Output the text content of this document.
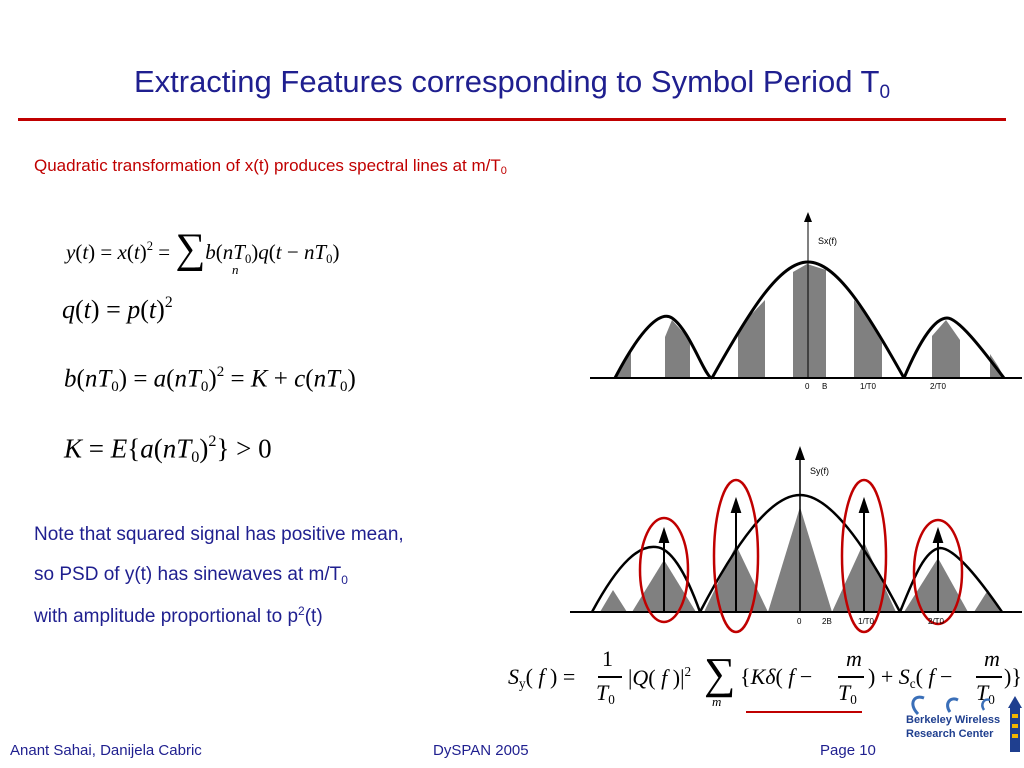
Extracting Features corresponding to Symbol Period $T_0$
Quadratic transformation of x(t) produces spectral lines at $m/T_0$
$y(t) = x(t)^2 = \sum b(nT_0)q(t - nT_0)$
n
$q(t) = p(t)^2$
$b(nT_0) = a(nT_0)^2 = K + c(nT_0)$
$K = E\{a(nT_0)^2\} > 0$
Note that squared signal has positive mean,
so PSD of y(t) has sinewaves at $m/T_0$
with amplitude proportional to $p^2(t)$
Sx(f)
0 B	1/T0	2/T0
Sy(f)
0	2B	1/T0	2/T0
$S_y$( f ) =
1
$T_0$
|Q( f )$|^2$ ∑
m
{Kδ( f −
m
$T_0$
) + $S_c$( f −
m
$T_0$
)}
Anant Sahai, Danijela Cabric	DySPAN 2005	Page 10
Berkeley Wireless
Research Center
